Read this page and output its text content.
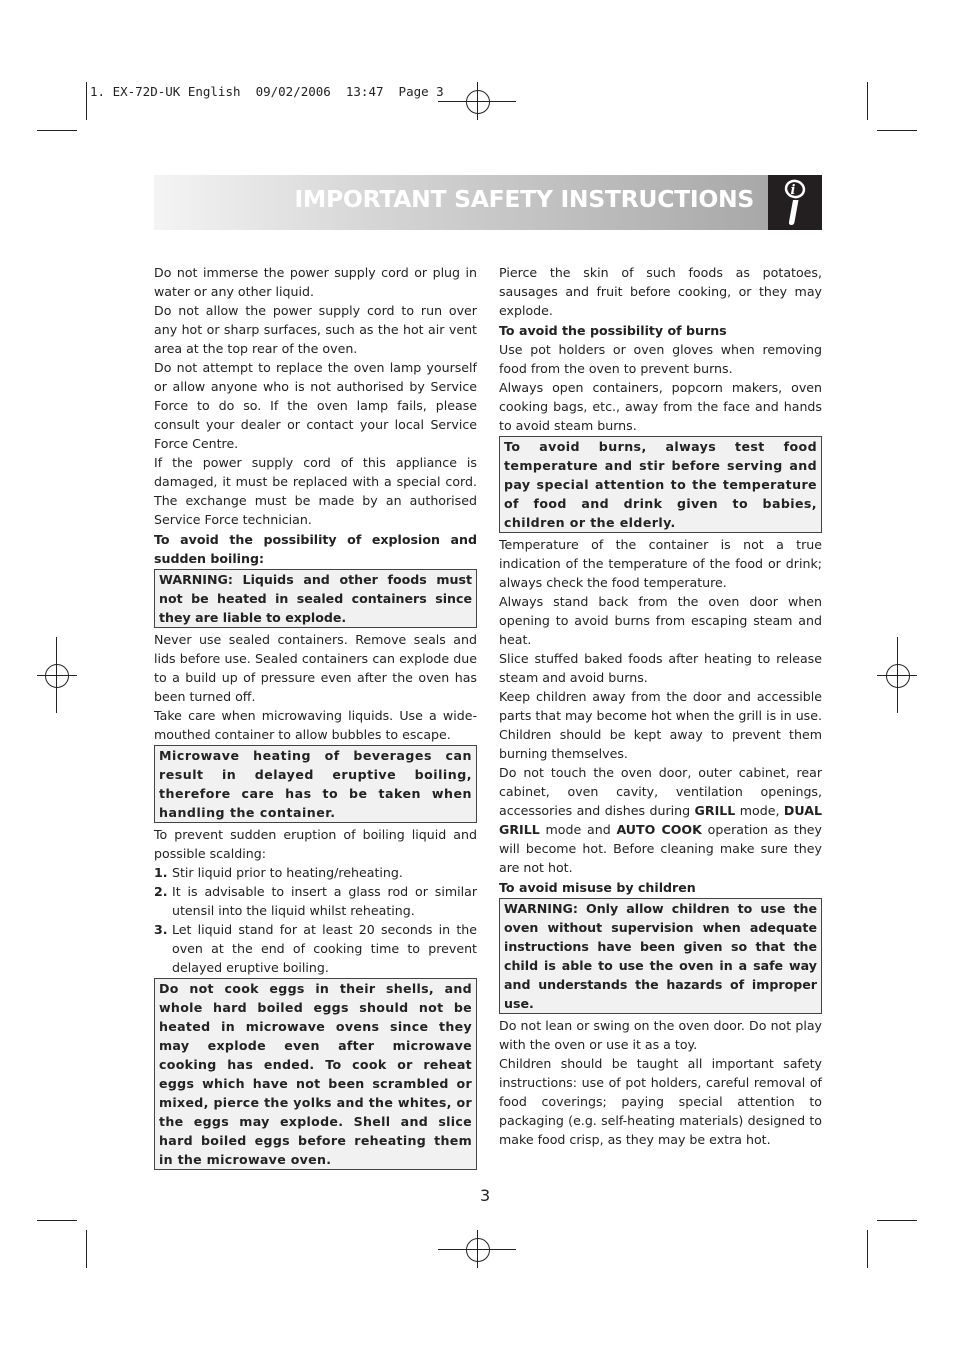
1. EX-72D-UK English  09/02/2006  13:47  Page 3
IMPORTANT SAFETY INSTRUCTIONS	i

Do not immerse the power supply cord or plug in water or any other liquid.

Do not allow the power supply cord to run over any hot or sharp surfaces, such as the hot air vent area at the top rear of the oven.

Do not attempt to replace the oven lamp yourself or allow anyone who is not authorised by Service Force to do so. If the oven lamp fails, please consult your dealer or contact your local Service Force Centre.

If the power supply cord of this appliance is damaged, it must be replaced with a special cord. The exchange must be made by an authorised Service Force technician.

To avoid the possibility of explosion and sudden boiling:

WARNING: Liquids and other foods must not be heated in sealed containers since they are liable to explode.

Never use sealed containers. Remove seals and lids before use. Sealed containers can explode due to a build up of pressure even after the oven has been turned off.

Take care when microwaving liquids. Use a wide-mouthed container to allow bubbles to escape.

Microwave heating of beverages can result in delayed eruptive boiling, therefore care has to be taken when handling the container.

To prevent sudden eruption of boiling liquid and possible scalding:

1. Stir liquid prior to heating/reheating.
2. It is advisable to insert a glass rod or similar utensil into the liquid whilst reheating.
3. Let liquid stand for at least 20 seconds in the oven at the end of cooking time to prevent delayed eruptive boiling.
Do not cook eggs in their shells, and whole hard boiled eggs should not be heated in microwave ovens since they may explode even after microwave cooking has ended. To cook or reheat eggs which have not been scrambled or mixed, pierce the yolks and the whites, or the eggs may explode. Shell and slice hard boiled eggs before reheating them in the microwave oven.

Pierce the skin of such foods as potatoes, sausages and fruit before cooking, or they may explode.

To avoid the possibility of burns

Use pot holders or oven gloves when removing food from the oven to prevent burns.

Always open containers, popcorn makers, oven cooking bags, etc., away from the face and hands to avoid steam burns.

To avoid burns, always test food temperature and stir before serving and pay special attention to the temperature of food and drink given to babies, children or the elderly.

Temperature of the container is not a true indication of the temperature of the food or drink; always check the food temperature.

Always stand back from the oven door when opening to avoid burns from escaping steam and heat.

Slice stuffed baked foods after heating to release steam and avoid burns.

Keep children away from the door and accessible parts that may become hot when the grill is in use. Children should be kept away to prevent them burning themselves.

Do not touch the oven door, outer cabinet, rear cabinet, oven cavity, ventilation openings, accessories and dishes during GRILL mode, DUAL GRILL mode and AUTO COOK operation as they will become hot. Before cleaning make sure they are not hot.

To avoid misuse by children

WARNING: Only allow children to use the oven without supervision when adequate instructions have been given so that the child is able to use the oven in a safe way and understands the hazards of improper use.

Do not lean or swing on the oven door. Do not play with the oven or use it as a toy.

Children should be taught all important safety instructions: use of pot holders, careful removal of food coverings; paying special attention to packaging (e.g. self-heating materials) designed to make food crisp, as they may be extra hot.

3
